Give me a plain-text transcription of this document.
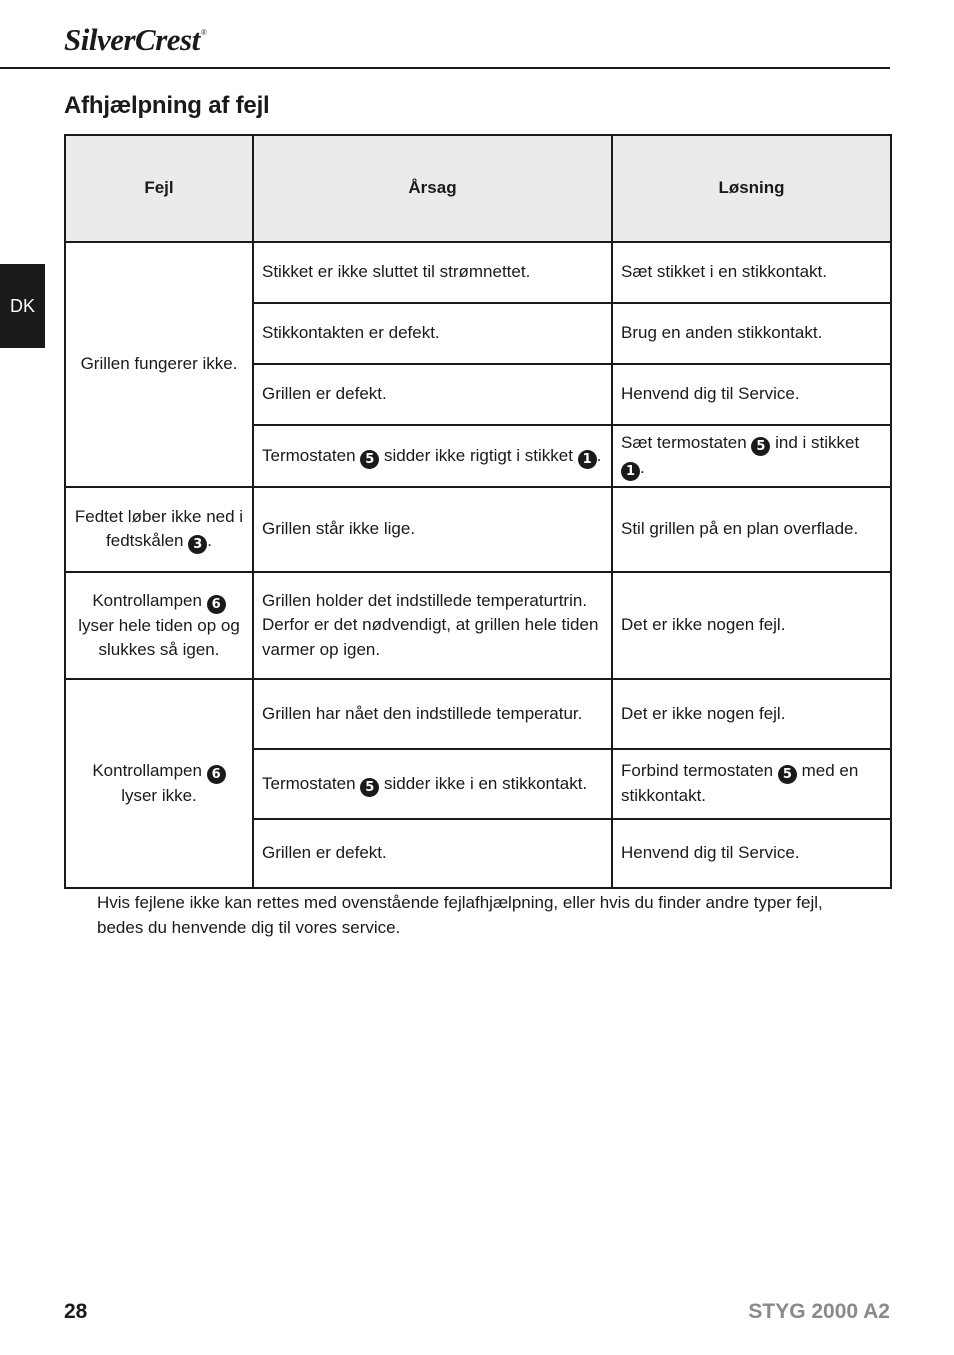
SilverCrest®
Afhjælpning af fejl
DK
Fejl	Årsag	Løsning
Grillen fungerer ikke.	Stikket er ikke sluttet til strømnettet.	Sæt stikket i en stikkontakt.
	Stikkontakten er defekt.	Brug en anden stikkontakt.
	Grillen er defekt.	Henvend dig til Service.
	Termostaten 5 sidder ikke rigtigt i stikket 1 .	Sæt termostaten 5 ind i stikket 1 .
Fedtet løber ikke ned i fedtskålen 3 .	Grillen står ikke lige.	Stil grillen på en plan overflade.
Kontrollampen 6 lyser hele tiden op og slukkes så igen.	Grillen holder det indstillede temperaturtrin. Derfor er det nødvendigt, at grillen hele tiden varmer op igen.	Det er ikke nogen fejl.
Kontrollampen 6 lyser ikke.	Grillen har nået den indstillede temperatur.	Det er ikke nogen fejl.
	Termostaten 5 sidder ikke i en stikkontakt.	Forbind termostaten 5 med en stikkontakt.
	Grillen er defekt.	Henvend dig til Service.

Hvis fejlene ikke kan rettes med ovenstående fejlafhjælpning, eller hvis du finder andre typer fejl, bedes du henvende dig til vores service.

28	STYG 2000 A2
